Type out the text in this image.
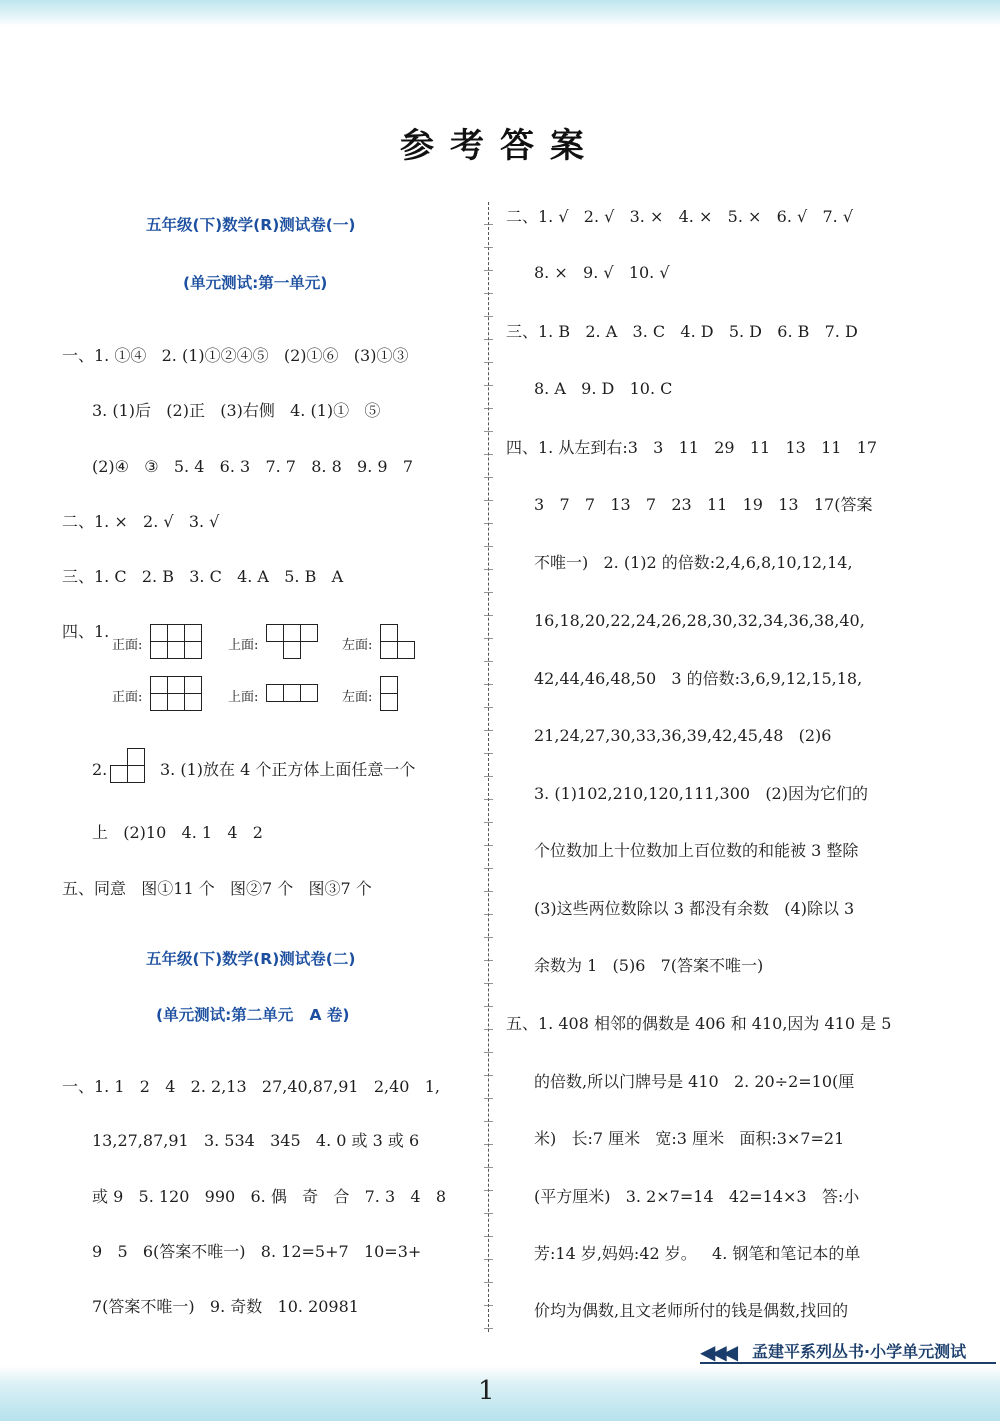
参考答案
五年级(下)数学(R)测试卷(一)
(单元测试:第一单元)
一、1. ①④   2. (1)①②④⑤   (2)①⑥   (3)①③
3. (1)后   (2)正   (3)右侧   4. (1)①   ⑤
(2)④   ③   5. 4   6. 3   7. 7   8. 8   9. 9   7
二、1. ×   2. √   3. √
三、1. C   2. B   3. C   4. A   5. B   A
四、1.
正面:	上面:	左面:
正面:	上面:	左面:
2.	3. (1)放在 4 个正方体上面任意一个
上   (2)10   4. 1   4   2
五、同意   图①11 个   图②7 个   图③7 个
五年级(下)数学(R)测试卷(二)
(单元测试:第二单元   A 卷)
一、1. 1   2   4   2. 2,13   27,40,87,91   2,40   1,
13,27,87,91   3. 534   345   4. 0 或 3 或 6
或 9   5. 120   990   6. 偶   奇   合   7. 3   4   8
9   5   6(答案不唯一)   8. 12=5+7   10=3+
7(答案不唯一)   9. 奇数   10. 20981
二、1. √   2. √   3. ×   4. ×   5. ×   6. √   7. √
8. ×   9. √   10. √
三、1. B   2. A   3. C   4. D   5. D   6. B   7. D
8. A   9. D   10. C
四、1. 从左到右:3   3   11   29   11   13   11   17
3   7   7   13   7   23   11   19   13   17(答案
不唯一)   2. (1)2 的倍数:2,4,6,8,10,12,14,
16,18,20,22,24,26,28,30,32,34,36,38,40,
42,44,46,48,50   3 的倍数:3,6,9,12,15,18,
21,24,27,30,33,36,39,42,45,48   (2)6
3. (1)102,210,120,111,300   (2)因为它们的
个位数加上十位数加上百位数的和能被 3 整除
(3)这些两位数除以 3 都没有余数   (4)除以 3
余数为 1   (5)6   7(答案不唯一)
五、1. 408 相邻的偶数是 406 和 410,因为 410 是 5
的倍数,所以门牌号是 410   2. 20÷2=10(厘
米)   长:7 厘米   宽:3 厘米   面积:3×7=21
(平方厘米)   3. 2×7=14   42=14×3   答:小
芳:14 岁,妈妈:42 岁。   4. 钢笔和笔记本的单
价均为偶数,且文老师所付的钱是偶数,找回的
◀◀◀ 孟建平系列丛书·小学单元测试
1
